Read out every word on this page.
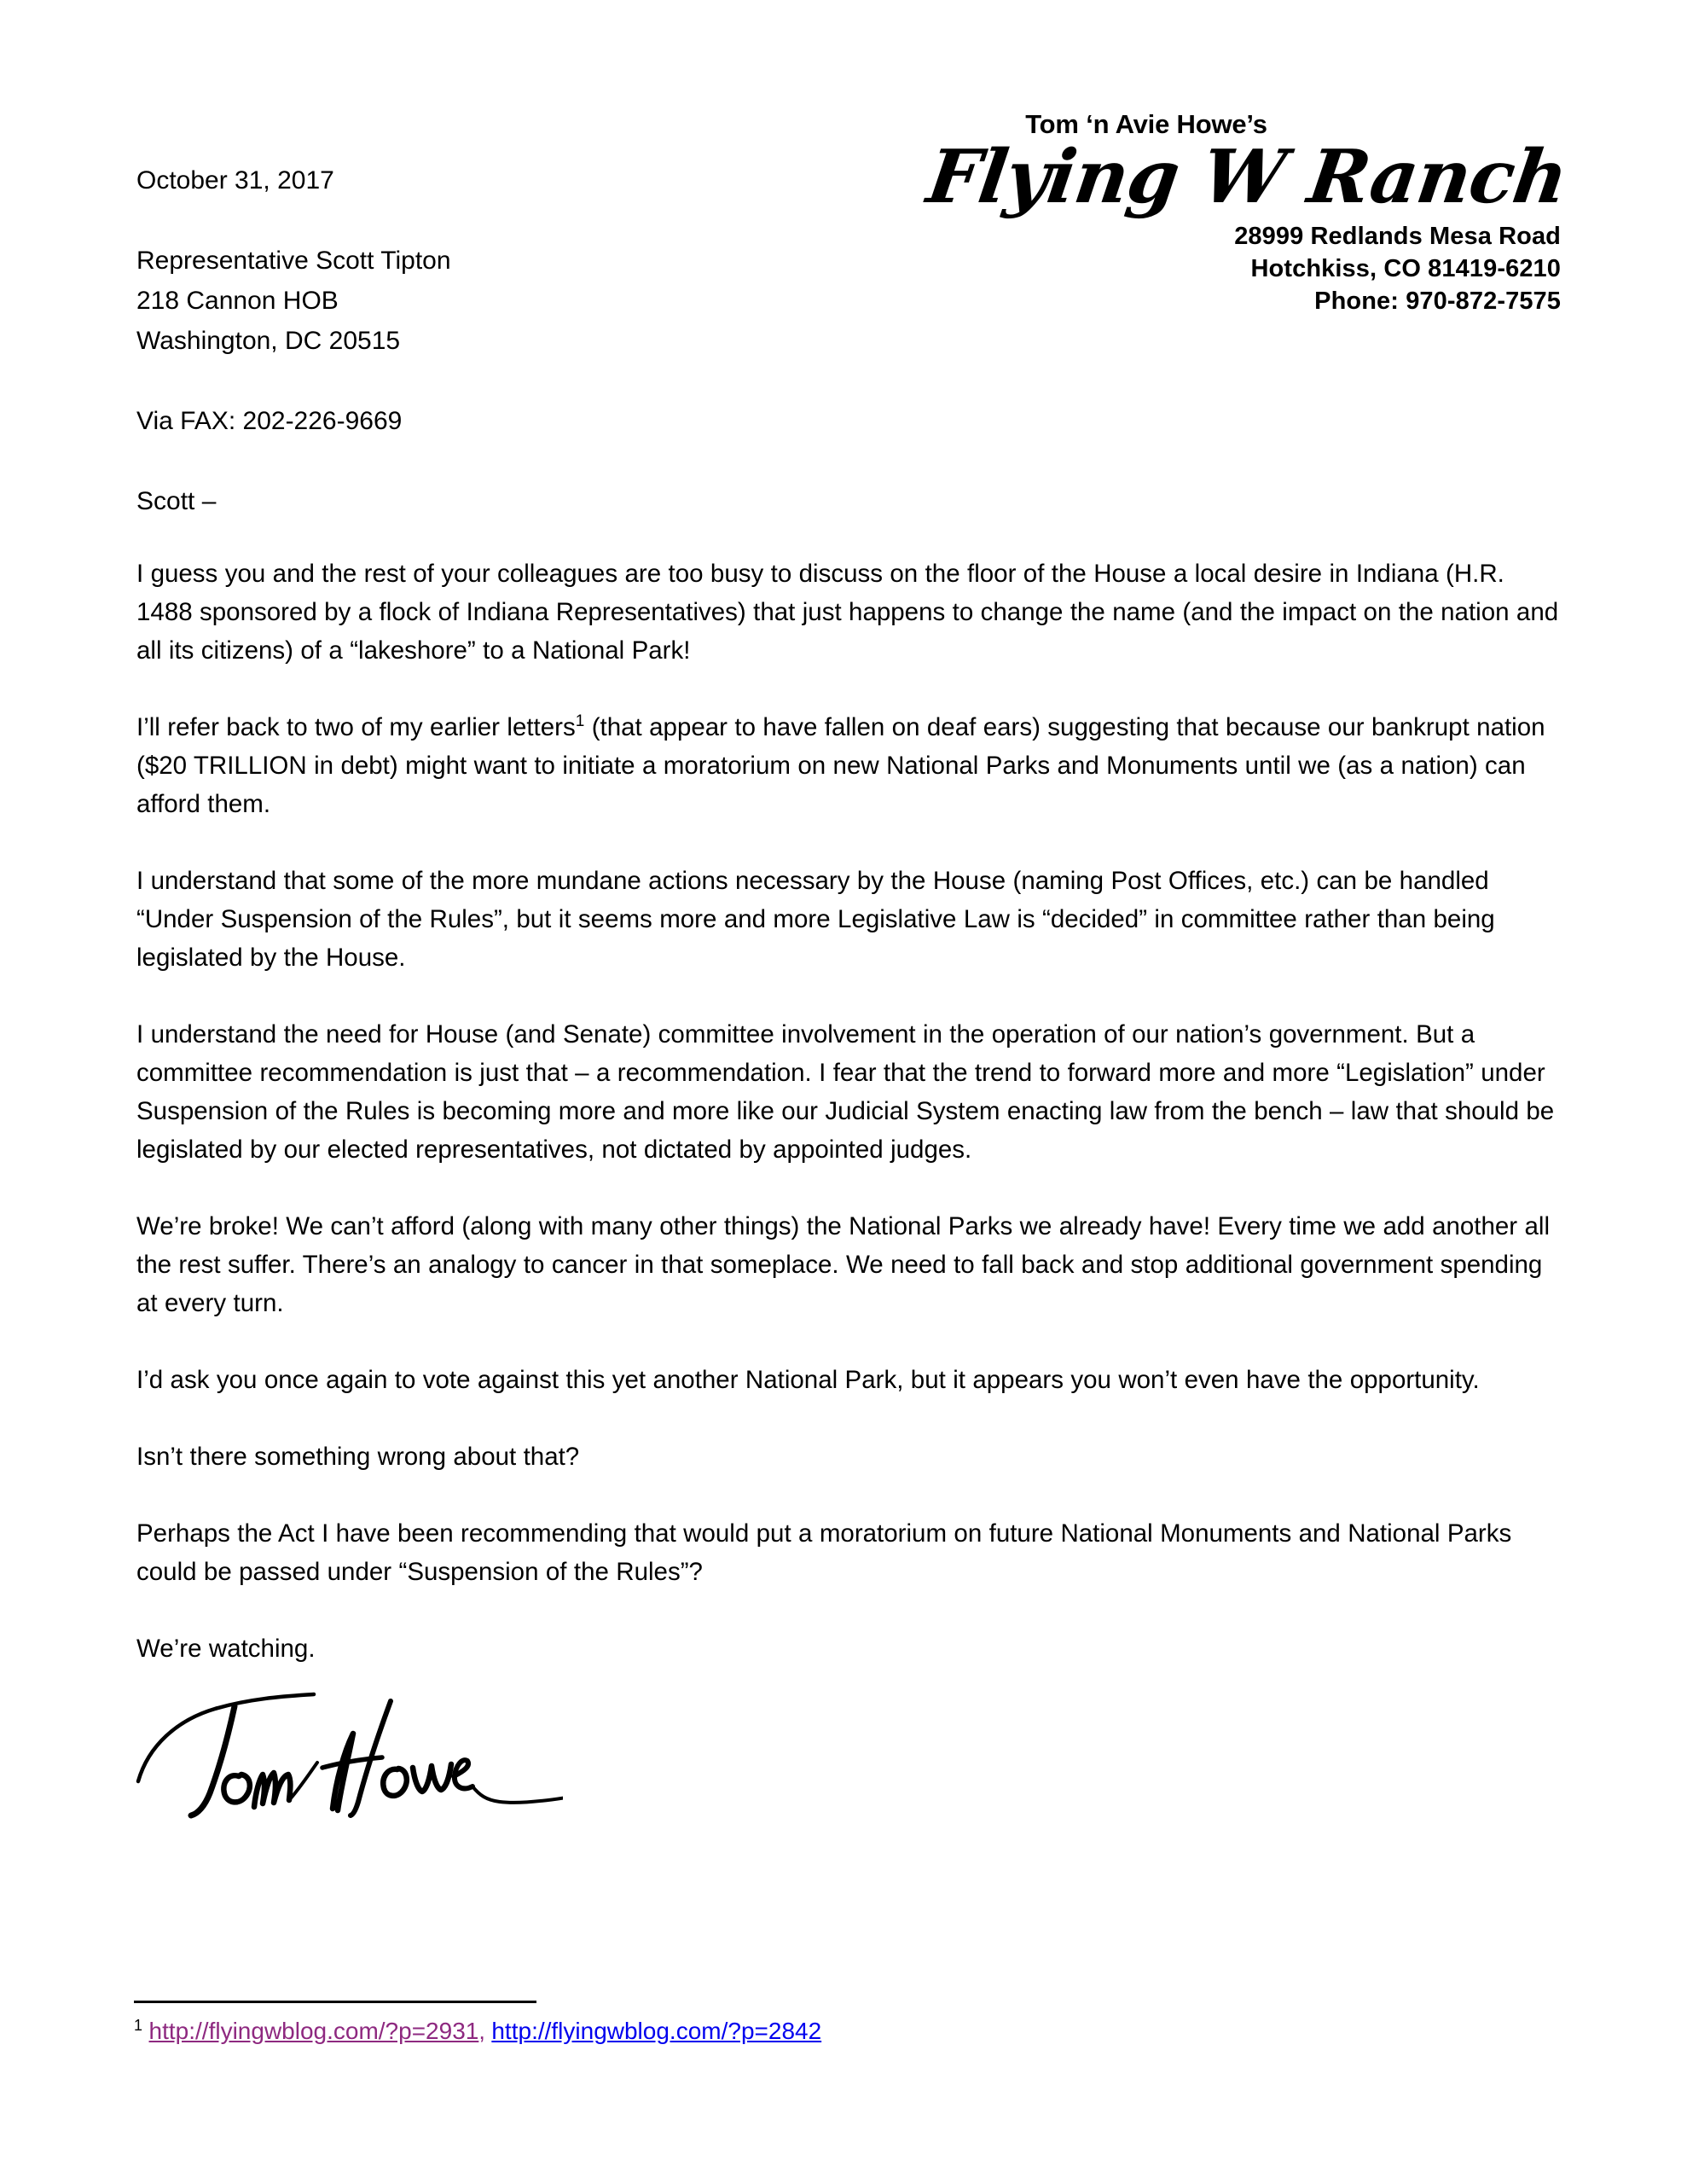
Tom ‘n Avie Howe’s
Flying W Ranch
28999 Redlands Mesa Road
Hotchkiss, CO 81419-6210
Phone: 970-872-7575
October 31, 2017
Representative Scott Tipton
218 Cannon HOB
Washington, DC 20515
Via FAX: 202-226-9669
Scott –

I guess you and the rest of your colleagues are too busy to discuss on the floor of the House a local desire in Indiana (H.R. 1488 sponsored by a flock of Indiana Representatives) that just happens to change the name (and the impact on the nation and all its citizens) of a “lakeshore” to a National Park!

I’ll refer back to two of my earlier letters$^1$ (that appear to have fallen on deaf ears) suggesting that because our bankrupt nation ($20 TRILLION in debt) might want to initiate a moratorium on new National Parks and Monuments until we (as a nation) can afford them.

I understand that some of the more mundane actions necessary by the House (naming Post Offices, etc.) can be handled “Under Suspension of the Rules”, but it seems more and more Legislative Law is “decided” in committee rather than being legislated by the House.

I understand the need for House (and Senate) committee involvement in the operation of our nation’s government. But a committee recommendation is just that – a recommendation. I fear that the trend to forward more and more “Legislation” under Suspension of the Rules is becoming more and more like our Judicial System enacting law from the bench – law that should be legislated by our elected representatives, not dictated by appointed judges.

We’re broke! We can’t afford (along with many other things) the National Parks we already have! Every time we add another all the rest suffer. There’s an analogy to cancer in that someplace. We need to fall back and stop additional government spending at every turn.

I’d ask you once again to vote against this yet another National Park, but it appears you won’t even have the opportunity.

Isn’t there something wrong about that?

Perhaps the Act I have been recommending that would put a moratorium on future National Monuments and National Parks could be passed under “Suspension of the Rules”?

We’re watching.

$^1$ http://flyingwblog.com/?p=2931, http://flyingwblog.com/?p=2842
